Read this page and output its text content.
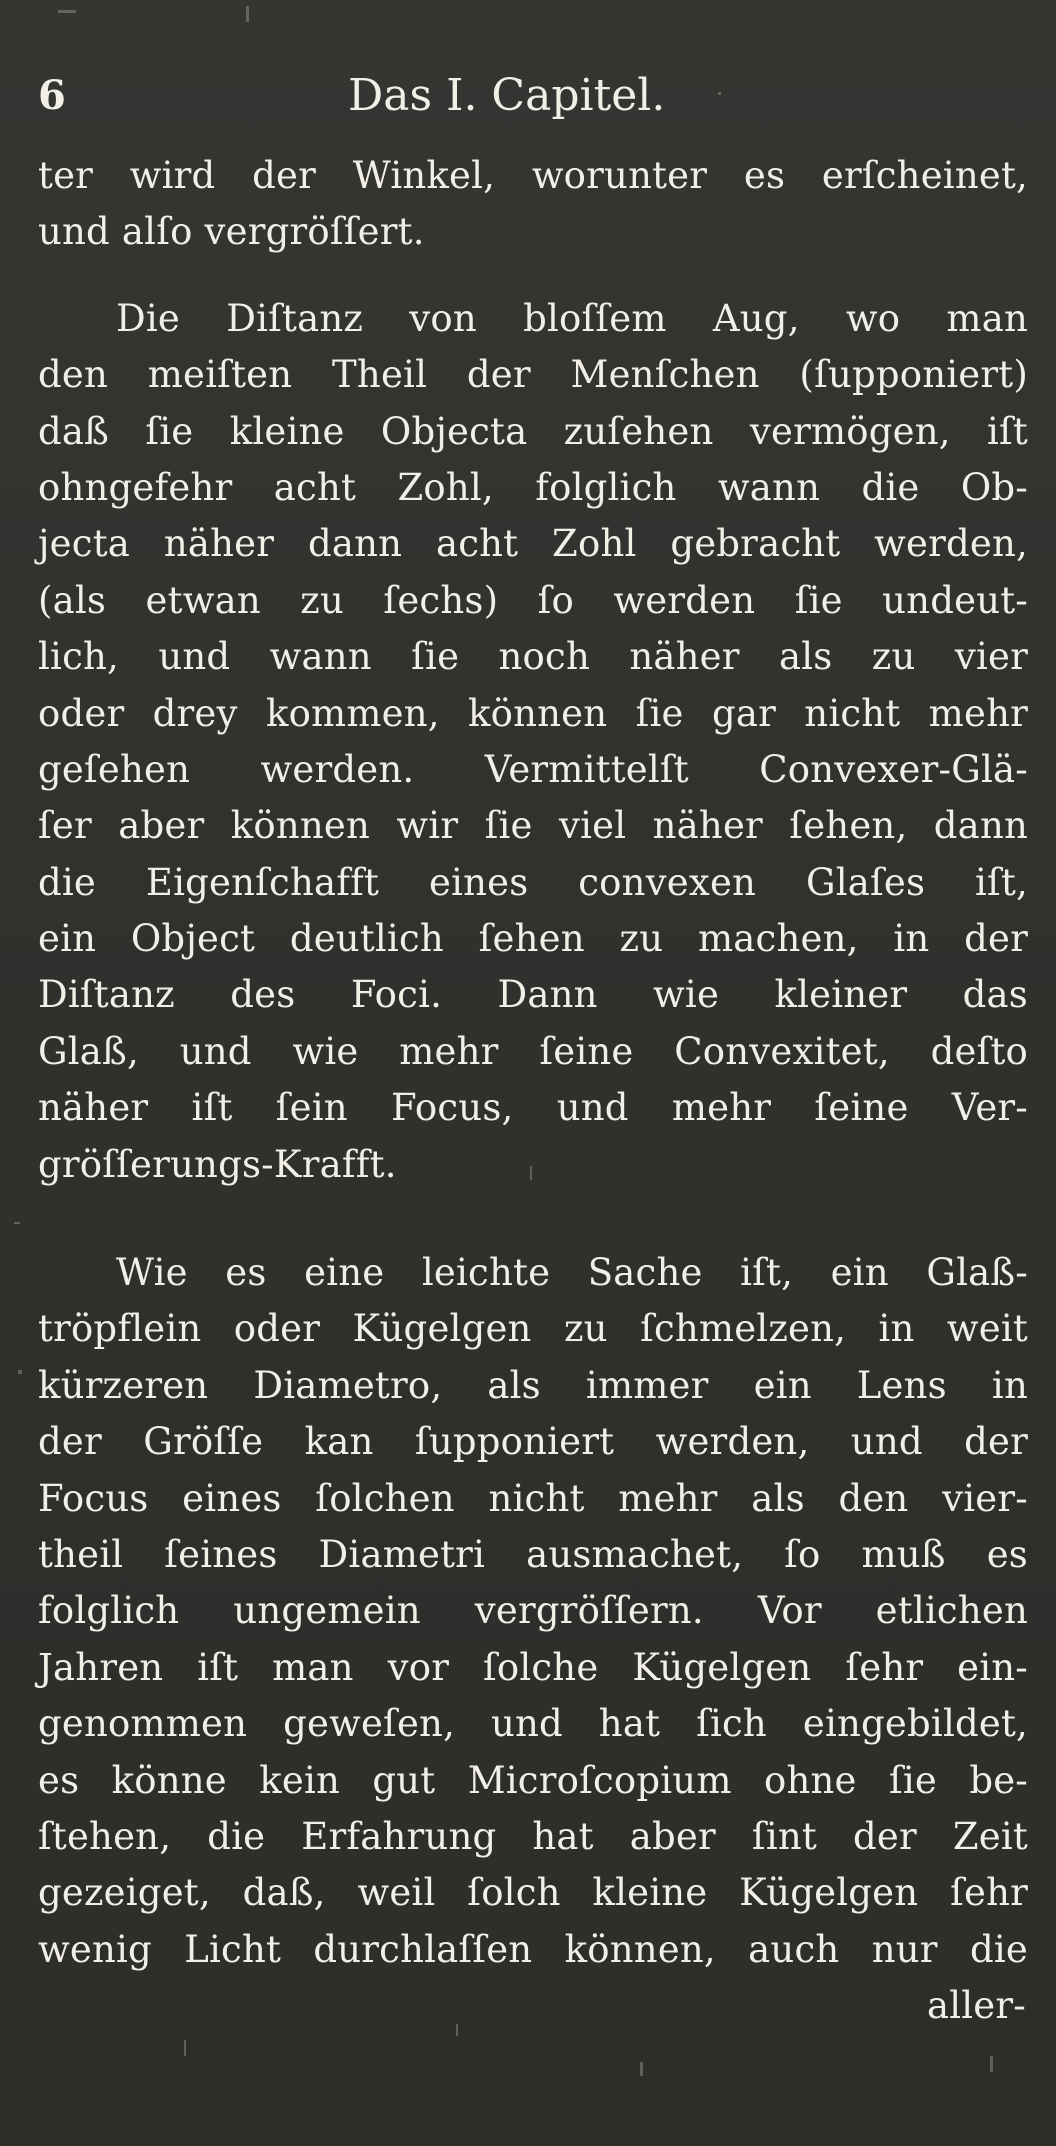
6	Das I. Capitel.
ter wird der Winkel, worunter es erſcheinet,
und alſo vergröſſert.
Die Diſtanz von bloſſem Aug, wo man
den meiſten Theil der Menſchen (ſupponiert)
daß ſie kleine Objecta zuſehen vermögen, iſt
ohngefehr acht Zohl, folglich wann die Ob-
jecta näher dann acht Zohl gebracht werden,
(als etwan zu ſechs) ſo werden ſie undeut-
lich, und wann ſie noch näher als zu vier
oder drey kommen, können ſie gar nicht mehr
geſehen werden. Vermittelſt Convexer-Glä-
ſer aber können wir ſie viel näher ſehen, dann
die Eigenſchafft eines convexen Glaſes iſt,
ein Object deutlich ſehen zu machen, in der
Diſtanz des Foci. Dann wie kleiner das
Glaß, und wie mehr ſeine Convexitet, deſto
näher iſt ſein Focus, und mehr ſeine Ver-
gröſſerungs-Krafft.
Wie es eine leichte Sache iſt, ein Glaß-
tröpflein oder Kügelgen zu ſchmelzen, in weit
kürzeren Diametro, als immer ein Lens in
der Gröſſe kan ſupponiert werden, und der
Focus eines ſolchen nicht mehr als den vier-
theil ſeines Diametri ausmachet, ſo muß es
folglich ungemein vergröſſern. Vor etlichen
Jahren iſt man vor ſolche Kügelgen ſehr ein-
genommen geweſen, und hat ſich eingebildet,
es könne kein gut Microſcopium ohne ſie be-
ſtehen, die Erfahrung hat aber ſint der Zeit
gezeiget, daß, weil ſolch kleine Kügelgen ſehr
wenig Licht durchlaſſen können, auch nur die
aller-
